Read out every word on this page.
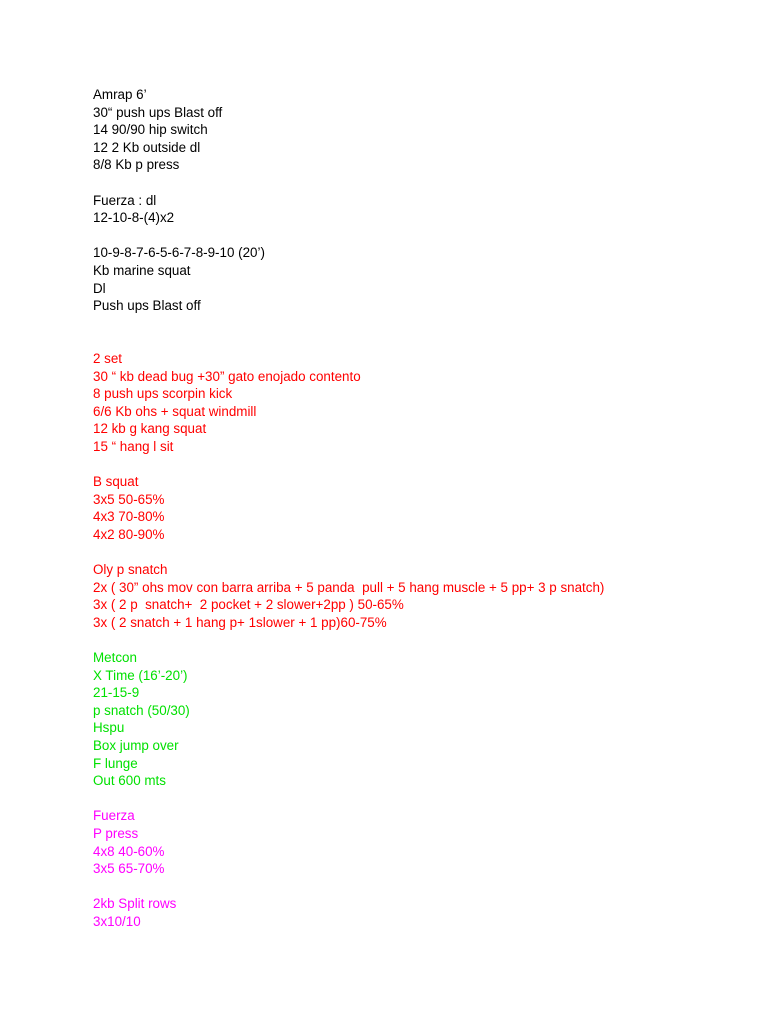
Amrap 6’
30“ push ups Blast off
14 90/90 hip switch
12 2 Kb outside dl
8/8 Kb p press
Fuerza : dl
12-10-8-(4)x2
10-9-8-7-6-5-6-7-8-9-10 (20’)
Kb marine squat
Dl
Push ups Blast off
2 set
30 “ kb dead bug +30” gato enojado contento
8 push ups scorpin kick
6/6 Kb ohs + squat windmill
12 kb g kang squat
15 “ hang l sit
B squat
3x5 50-65%
4x3 70-80%
4x2 80-90%
Oly p snatch
2x ( 30” ohs mov con barra arriba + 5 panda  pull + 5 hang muscle + 5 pp+ 3 p snatch)
3x ( 2 p  snatch+  2 pocket + 2 slower+2pp ) 50-65%
3x ( 2 snatch + 1 hang p+ 1slower + 1 pp)60-75%
Metcon
X Time (16’-20’)
21-15-9
p snatch (50/30)
Hspu
Box jump over
F lunge
Out 600 mts
Fuerza
P press
4x8 40-60%
3x5 65-70%
2kb Split rows
3x10/10
